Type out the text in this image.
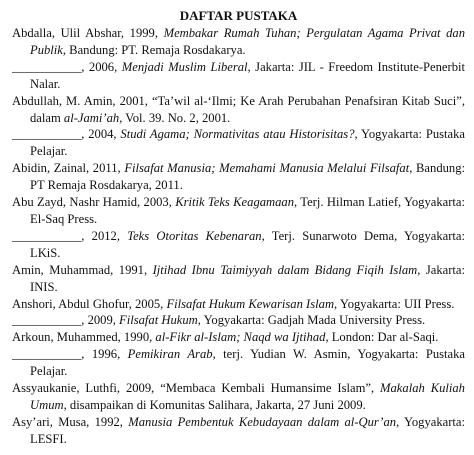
DAFTAR PUSTAKA

Abdalla, Ulil Abshar, 1999, Membakar Rumah Tuhan; Pergulatan Agama Privat dan Publik, Bandung: PT. Remaja Rosdakarya.

___________, 2006, Menjadi Muslim Liberal, Jakarta: JIL - Freedom Institute-Penerbit Nalar.

Abdullah, M. Amin, 2001, “Ta’wil al-‘Ilmi; Ke Arah Perubahan Penafsiran Kitab Suci”, dalam al-Jami’ah, Vol. 39. No. 2, 2001.

___________, 2004, Studi Agama; Normativitas atau Historisitas?, Yogyakarta: Pustaka Pelajar.

Abidin, Zainal, 2011, Filsafat Manusia; Memahami Manusia Melalui Filsafat, Bandung: PT Remaja Rosdakarya, 2011.

Abu Zayd, Nashr Hamid, 2003, Kritik Teks Keagamaan, Terj. Hilman Latief, Yogyakarta: El-Saq Press.

___________, 2012, Teks Otoritas Kebenaran, Terj. Sunarwoto Dema, Yogyakarta: LKiS.

Amin, Muhammad, 1991, Ijtihad Ibnu Taimiyyah dalam Bidang Fiqih Islam, Jakarta: INIS.

Anshori, Abdul Ghofur, 2005, Filsafat Hukum Kewarisan Islam, Yogyakarta: UII Press.

___________, 2009, Filsafat Hukum, Yogyakarta: Gadjah Mada University Press.

Arkoun, Muhammed, 1990, al-Fikr al-Islam; Naqd wa Ijtihad, London: Dar al-Saqi.

___________, 1996, Pemikiran Arab, terj. Yudian W. Asmin, Yogyakarta: Pustaka Pelajar.

Assyaukanie, Luthfi, 2009, “Membaca Kembali Humansime Islam”, Makalah Kuliah Umum, disampaikan di Komunitas Salihara, Jakarta, 27 Juni 2009.

Asy’ari, Musa, 1992, Manusia Pembentuk Kebudayaan dalam al-Qur’an, Yogyakarta: LESFI.
